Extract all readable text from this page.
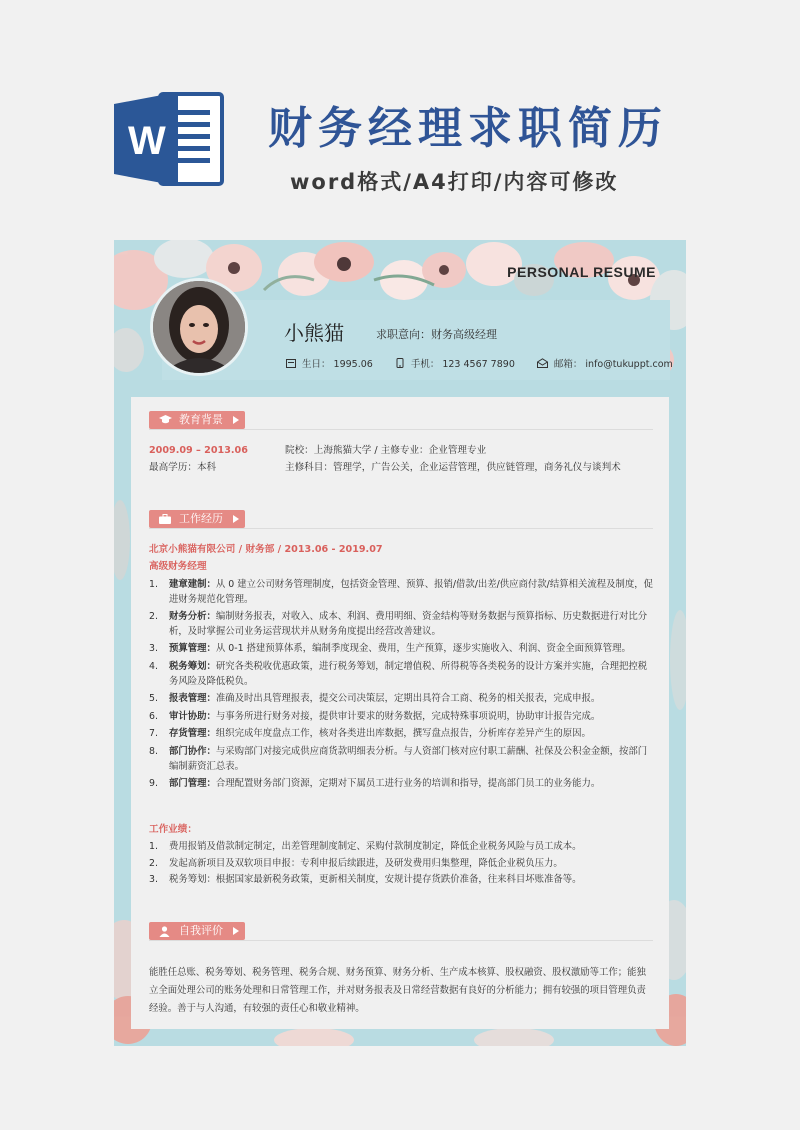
W 财务经理求职简历
word格式/A4打印/内容可修改
PERSONAL RESUME
小熊猫	求职意向：财务高级经理
生日： 1995.06	手机： 123 4567 7890	邮箱： info@tukuppt.com
教育背景
2009.09 – 2013.06	院校：上海熊猫大学 / 主修专业：企业管理专业
最高学历：本科	主修科目：管理学，广告公关，企业运营管理，供应链管理，商务礼仪与谈判术
工作经历
北京小熊猫有限公司 / 财务部 / 2013.06 - 2019.07
高级财务经理
1.	建章建制：从 0 建立公司财务管理制度，包括资金管理、预算、报销/借款/出差/供应商付款/结算相关流程及制度，促进财务规范化管理。
2.	财务分析：编制财务报表，对收入、成本、利润、费用明细、资金结构等财务数据与预算指标、历史数据进行对比分析，及时掌握公司业务运营现状并从财务角度提出经营改善建议。
3.	预算管理：从 0-1 搭建预算体系，编制季度现金、费用，生产预算，逐步实施收入、利润、资金全面预算管理。
4.	税务筹划：研究各类税收优惠政策，进行税务筹划，制定增值税、所得税等各类税务的设计方案并实施，合理把控税务风险及降低税负。
5.	报表管理：准确及时出具管理报表，提交公司决策层，定期出具符合工商、税务的相关报表，完成申报。
6.	审计协助：与事务所进行财务对接，提供审计要求的财务数据，完成特殊事项说明，协助审计报告完成。
7.	存货管理：组织完成年度盘点工作，核对各类进出库数据，撰写盘点报告，分析库存差异产生的原因。
8.	部门协作：与采购部门对接完成供应商货款明细表分析。与人资部门核对应付职工薪酬、社保及公积金金额，按部门编制薪资汇总表。
9.	部门管理：合理配置财务部门资源，定期对下属员工进行业务的培训和指导，提高部门员工的业务能力。
工作业绩：
1.	费用报销及借款制定制定，出差管理制度制定、采购付款制度制定，降低企业税务风险与员工成本。
2.	发起高新项目及双软项目申报：专利申报后续跟进，及研发费用归集整理，降低企业税负压力。
3.	税务筹划：根据国家最新税务政策，更新相关制度，安规计提存货跌价准备，往来科目坏账准备等。
自我评价
能胜任总账、税务筹划、税务管理、税务合规、财务预算、财务分析、生产成本核算、股权融资、股权激励等工作；能独立全面处理公司的账务处理和日常管理工作，并对财务报表及日常经营数据有良好的分析能力；拥有较强的项目管理负责经验。善于与人沟通，有较强的责任心和敬业精神。
